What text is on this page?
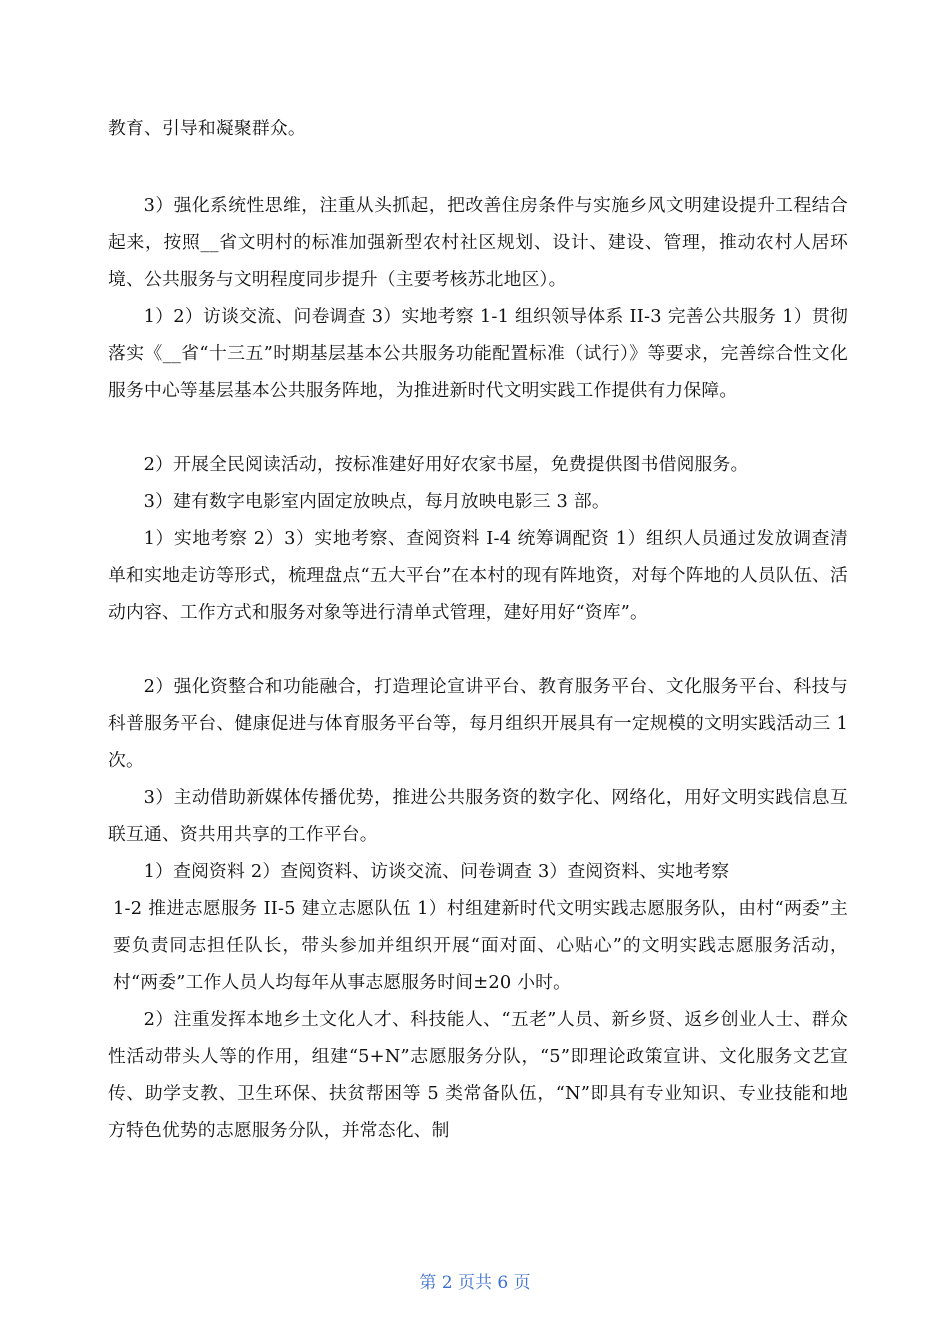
教育、引导和凝聚群众。

3）强化系统性思维，注重从头抓起，把改善住房条件与实施乡风文明建设提升工程结合起来，按照__省文明村的标准加强新型农村社区规划、设计、建设、管理，推动农村人居环境、公共服务与文明程度同步提升（主要考核苏北地区）。

1）2）访谈交流、问卷调查 3）实地考察 1-1 组织领导体系 II-3 完善公共服务 1）贯彻落实《__省“十三五”时期基层基本公共服务功能配置标准（试行）》等要求，完善综合性文化服务中心等基层基本公共服务阵地，为推进新时代文明实践工作提供有力保障。

2）开展全民阅读活动，按标准建好用好农家书屋，免费提供图书借阅服务。

3）建有数字电影室内固定放映点，每月放映电影三 3 部。

1）实地考察 2）3）实地考察、查阅资料 I-4 统筹调配资 1）组织人员通过发放调查清单和实地走访等形式，梳理盘点“五大平台”在本村的现有阵地资，对每个阵地的人员队伍、活动内容、工作方式和服务对象等进行清单式管理，建好用好“资库”。

2）强化资整合和功能融合，打造理论宣讲平台、教育服务平台、文化服务平台、科技与科普服务平台、健康促进与体育服务平台等，每月组织开展具有一定规模的文明实践活动三 1 次。

3）主动借助新媒体传播优势，推进公共服务资的数字化、网络化，用好文明实践信息互联互通、资共用共享的工作平台。

1）查阅资料 2）查阅资料、访谈交流、问卷调查 3）查阅资料、实地考察

1-2 推进志愿服务 II-5 建立志愿队伍 1）村组建新时代文明实践志愿服务队，由村“两委”主要负责同志担任队长，带头参加并组织开展“面对面、心贴心”的文明实践志愿服务活动，村“两委”工作人员人均每年从事志愿服务时间±20 小时。

2）注重发挥本地乡土文化人才、科技能人、“五老”人员、新乡贤、返乡创业人士、群众性活动带头人等的作用，组建“5+N”志愿服务分队，“5”即理论政策宣讲、文化服务文艺宣传、助学支教、卫生环保、扶贫帮困等 5 类常备队伍，“N”即具有专业知识、专业技能和地方特色优势的志愿服务分队，并常态化、制

第 2 页共 6 页
